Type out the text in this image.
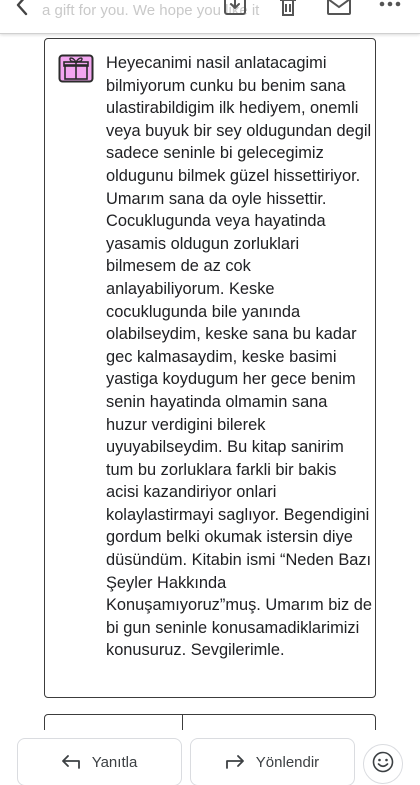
a gift for you. We hope you like it
Heyecanimi nasil anlatacagimi bilmiyorum cunku bu benim sana ulastirabildigim ilk hediyem, onemli veya buyuk bir sey oldugundan degil sadece seninle bi gelecegimiz oldugunu bilmek güzel hissettiriyor. Umarım sana da oyle hissettir. Cocuklugunda veya hayatinda yasamis oldugun zorluklari bilmesem de az cok anlayabiliyorum. Keske cocuklugunda bile yanında olabilseydim, keske sana bu kadar gec kalmasaydim, keske basimi yastiga koydugum her gece benim senin hayatinda olmamin sana huzur verdigini bilerek uyuyabilseydim. Bu kitap sanirim tum bu zorluklara farkli bir bakis acisi kazandiriyor onlari kolaylastirmayi saglıyor. Begendigini gordum belki okumak istersin diye düsündüm. Kitabin ismi “Neden Bazı Şeyler Hakkında Konuşamıyoruz”muş. Umarım biz de bi gun seninle konusamadiklarimizi konusuruz. Sevgilerimle.
Yanıtla	Yönlendir
